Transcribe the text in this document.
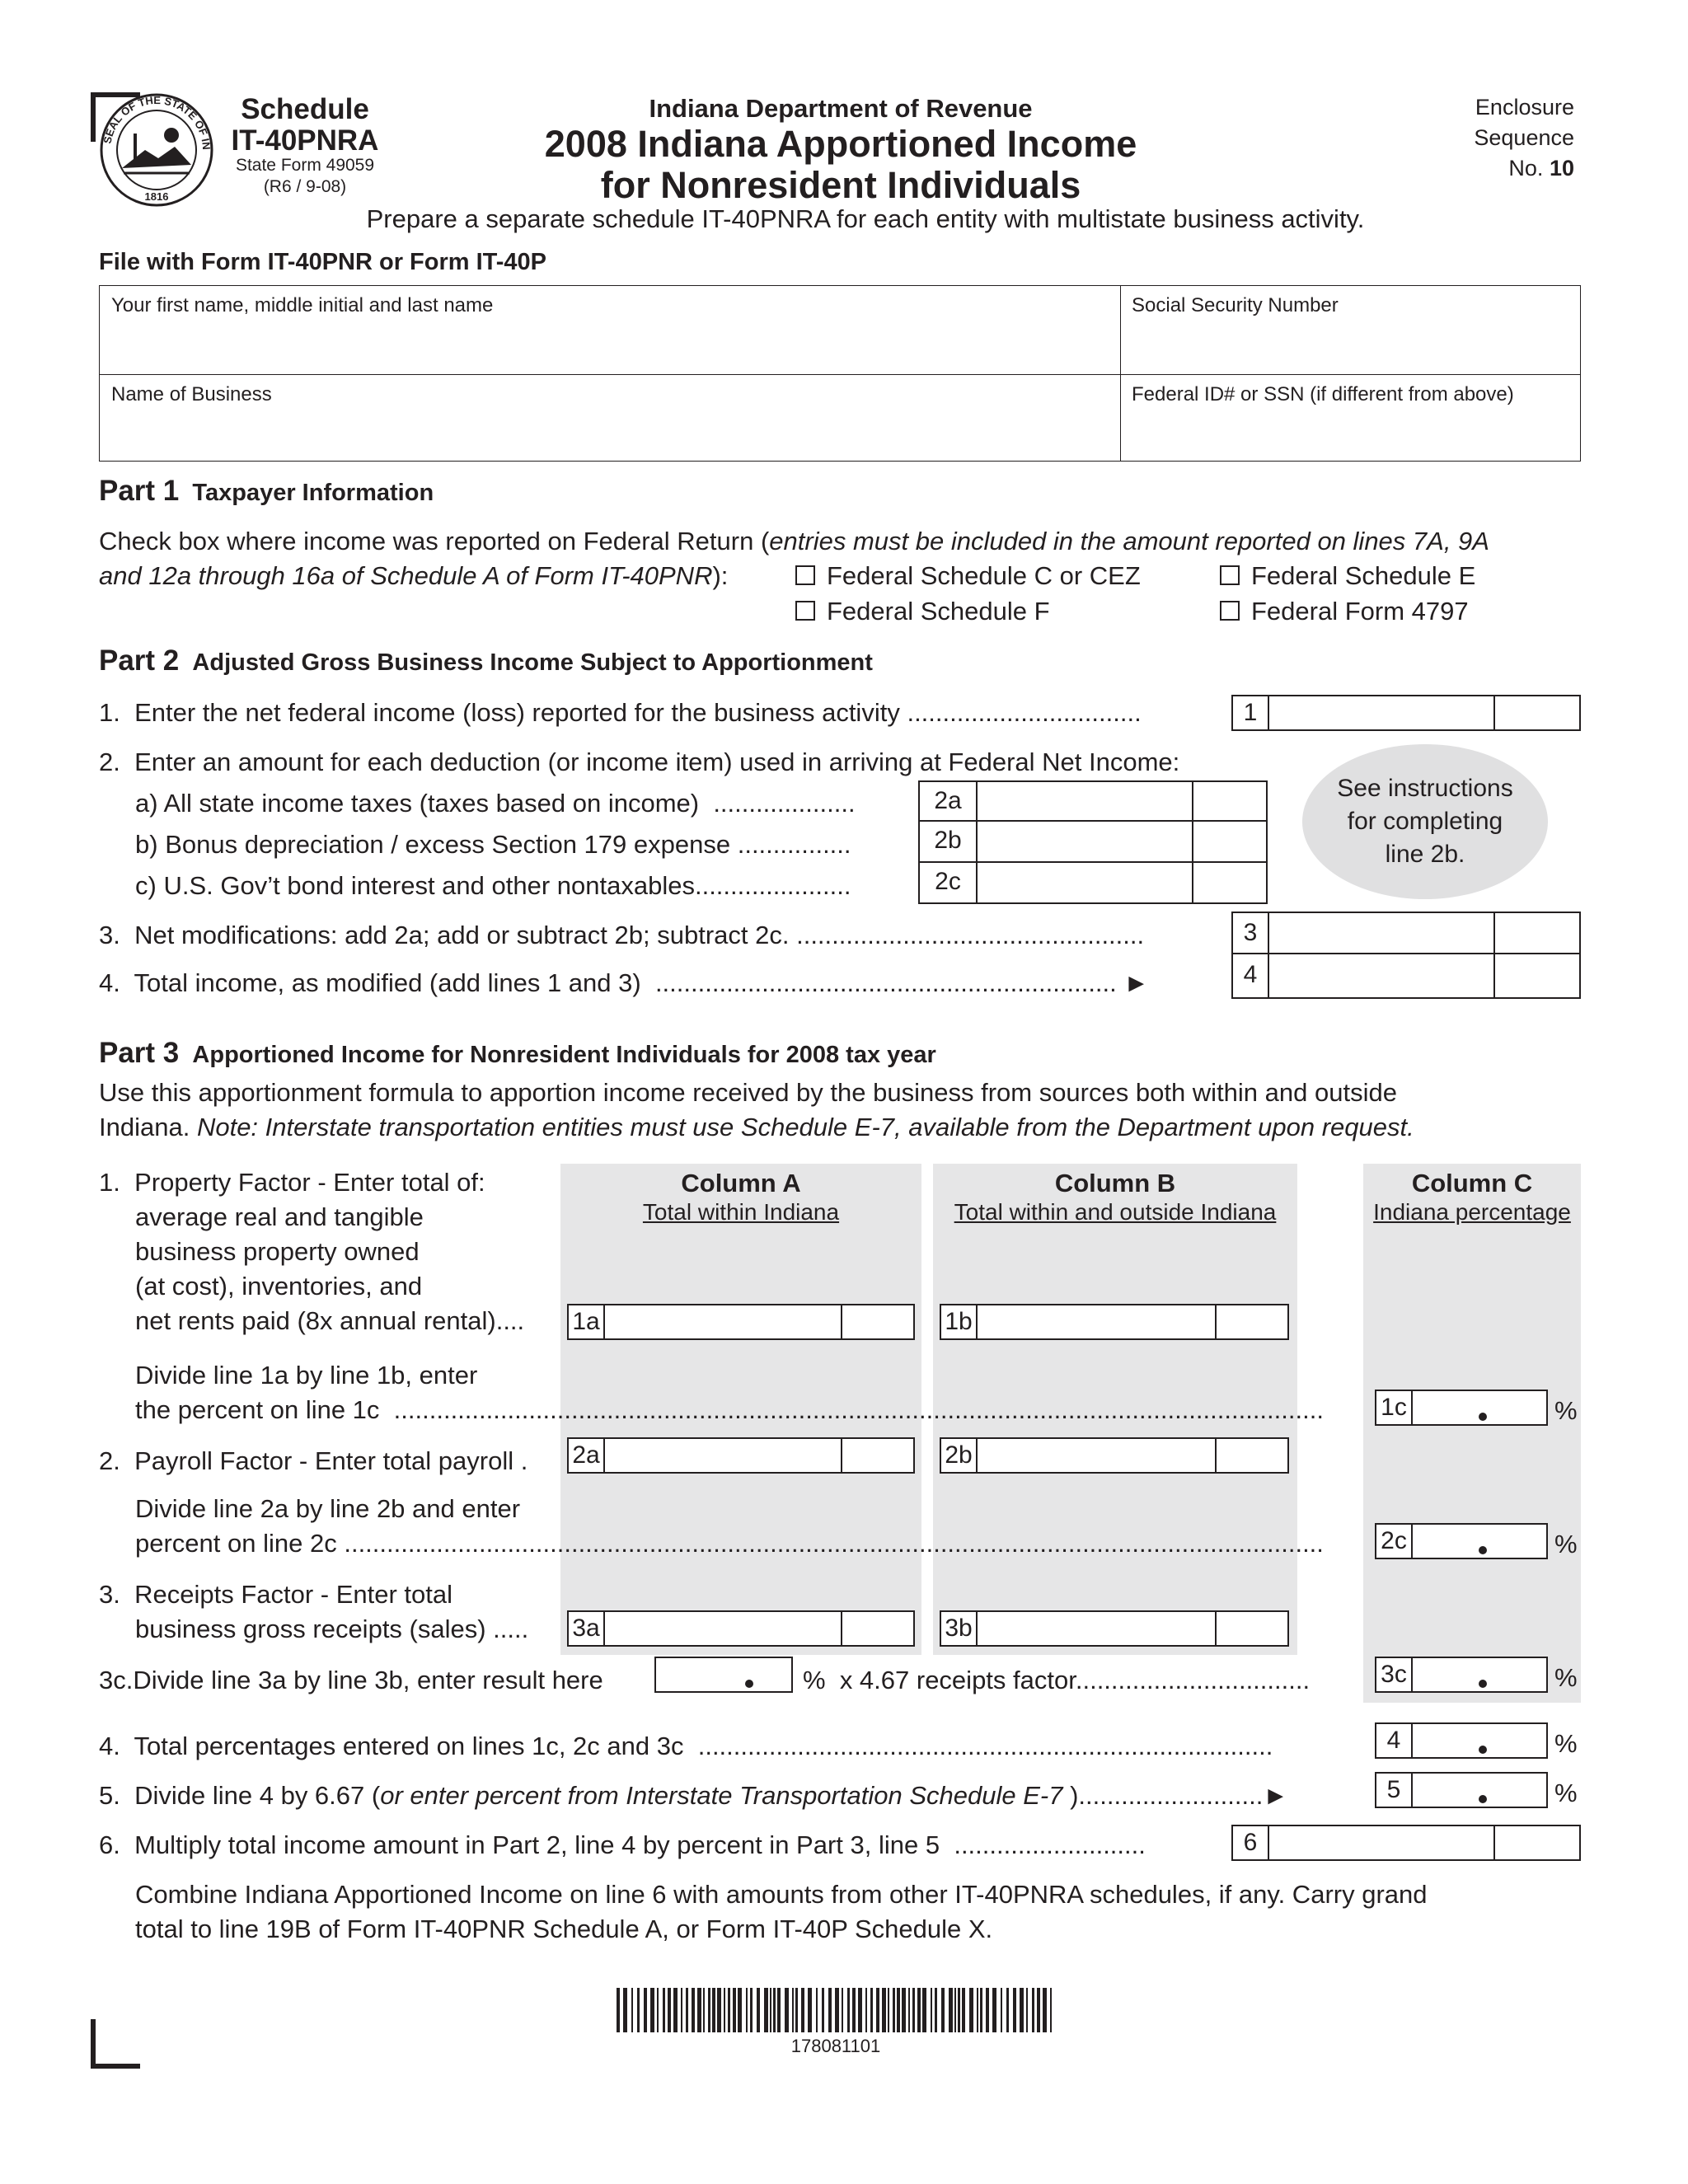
SEAL OF THE STATE OF IN
1816
Schedule
IT-40PNRA
State Form 49059
(R6 / 9-08)
Indiana Department of Revenue
2008 Indiana Apportioned Income
for Nonresident Individuals
Enclosure
Sequence
No. 10
Prepare a separate schedule IT-40PNRA for each entity with multistate business activity.
File with Form IT-40PNR or Form IT-40P
Your first name, middle initial and last name	Social Security Number
Name of Business	Federal ID# or SSN (if different from above)
Part 1 Taxpayer Information
Check box where income was reported on Federal Return (entries must be included in the amount reported on lines 7A, 9A
and 12a through 16a of Schedule A of Form IT-40PNR):	Federal Schedule C or CEZ	Federal Schedule E
Federal Schedule F	Federal Form 4797
Part 2 Adjusted Gross Business Income Subject to Apportionment
1. Enter the net federal income (loss) reported for the business activity .................................	1
2. Enter an amount for each deduction (or income item) used in arriving at Federal Net Income:
a) All state income taxes (taxes based on income) ....................	2a
b) Bonus depreciation / excess Section 179 expense ................	2b
c) U.S. Gov’t bond interest and other nontaxables......................	2c
See instructions
for completing
line 2b.
3. Net modifications: add 2a; add or subtract 2b; subtract 2c. .................................................	3
4. Total income, as modified (add lines 1 and 3) ................................................................. ►	4
Part 3 Apportioned Income for Nonresident Individuals for 2008 tax year
Use this apportionment formula to apportion income received by the business from sources both within and outside
Indiana. Note: Interstate transportation entities must use Schedule E-7, available from the Department upon request.
Column A
Total within Indiana
Column B
Total within and outside Indiana
Column C
Indiana percentage
1. Property Factor - Enter total of:
average real and tangible
business property owned
(at cost), inventories, and
net rents paid (8x annual rental).... 1a	1b
Divide line 1a by line 1b, enter
the percent on line 1c ................................................................................................................................... 1c	%
2. Payroll Factor - Enter total payroll . 2a	2b
Divide line 2a by line 2b and enter
percent on line 2c .......................................................................................................................................... 2c	%
3. Receipts Factor - Enter total
business gross receipts (sales) ..... 3a	3b
3c.Divide line 3a by line 3b, enter result here	% x 4.67 receipts factor.................................	3c	%
4. Total percentages entered on lines 1c, 2c and 3c .................................................................................	4	%
5. Divide line 4 by 6.67 (or enter percent from Interstate Transportation Schedule E-7 )..........................►	5	%
6. Multiply total income amount in Part 2, line 4 by percent in Part 3, line 5 ...........................	6
Combine Indiana Apportioned Income on line 6 with amounts from other IT-40PNRA schedules, if any. Carry grand
total to line 19B of Form IT-40PNR Schedule A, or Form IT-40P Schedule X.
178081101
